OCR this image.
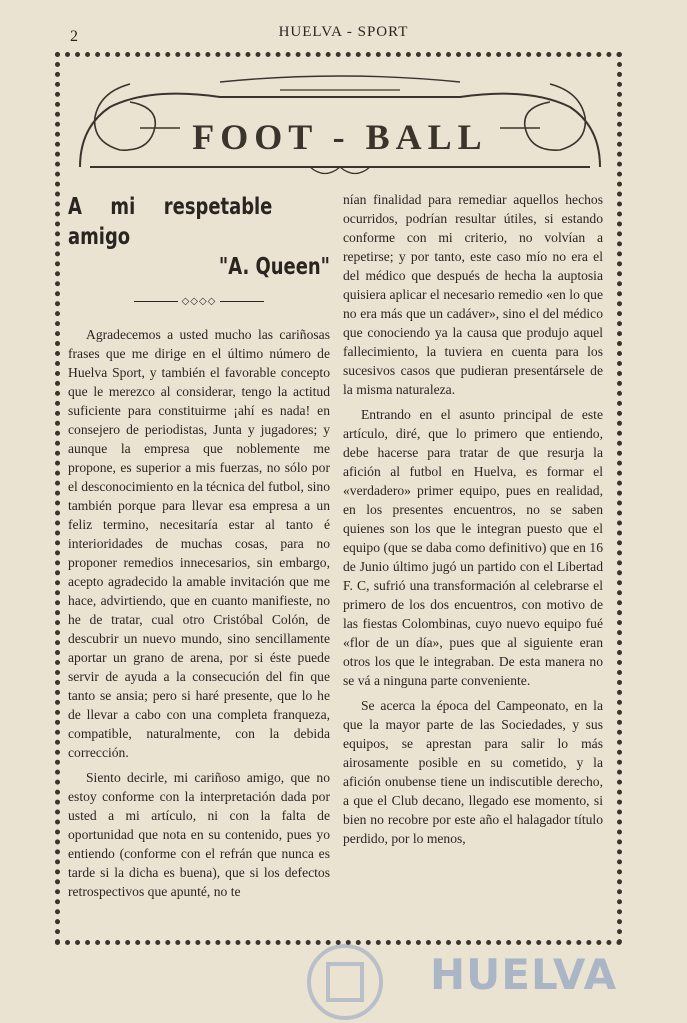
2	HUELVA - SPORT
FOOT - BALL
A mi respetable amigo
"A. Queen"
◇◇◇◇

Agradecemos a usted mucho las cariñosas frases que me dirige en el último número de Huelva Sport, y también el favorable concepto que le merezco al considerar, tengo la actitud suficiente para constituirme ¡ahí es nada! en consejero de periodistas, Junta y jugadores; y aunque la empresa que noblemente me propone, es superior a mis fuerzas, no sólo por el desconocimiento en la técnica del futbol, sino también porque para llevar esa empresa a un feliz termino, necesitaría estar al tanto é interioridades de muchas cosas, para no proponer remedios innecesarios, sin embargo, acepto agradecido la amable invitación que me hace, advirtiendo, que en cuanto manifieste, no he de tratar, cual otro Cristóbal Colón, de descubrir un nuevo mundo, sino sencillamente aportar un grano de arena, por si éste puede servir de ayuda a la consecución del fin que tanto se ansia; pero si haré presente, que lo he de llevar a cabo con una completa franqueza, compatible, naturalmente, con la debida corrección.

Siento decirle, mi cariñoso amigo, que no estoy conforme con la interpretación dada por usted a mi artículo, ni con la falta de oportunidad que nota en su contenido, pues yo entiendo (conforme con el refrán que nunca es tarde si la dicha es buena), que si los defectos retrospectivos que apunté, no te

nían finalidad para remediar aquellos hechos ocurridos, podrían resultar útiles, si estando conforme con mi criterio, no volvían a repetirse; y por tanto, este caso mío no era el del médico que después de hecha la auptosia quisiera aplicar el necesario remedio «en lo que no era más que un cadáver», sino el del médico que conociendo ya la causa que produjo aquel fallecimiento, la tuviera en cuenta para los sucesivos casos que pudieran presentársele de la misma naturaleza.

Entrando en el asunto principal de este artículo, diré, que lo primero que entiendo, debe hacerse para tratar de que resurja la afición al futbol en Huelva, es formar el «verdadero» primer equipo, pues en realidad, en los presentes encuentros, no se saben quienes son los que le integran puesto que el equipo (que se daba como definitivo) que en 16 de Junio último jugó un partido con el Libertad F. C, sufrió una transformación al celebrarse el primero de los dos encuentros, con motivo de las fiestas Colombinas, cuyo nuevo equipo fué «flor de un día», pues que al siguiente eran otros los que le integraban. De esta manera no se vá a ninguna parte conveniente.

Se acerca la época del Campeonato, en la que la mayor parte de las Sociedades, y sus equipos, se aprestan para salir lo más airosamente posible en su cometido, y la afición onubense tiene un indiscutible derecho, a que el Club decano, llegado ese momento, si bien no recobre por este año el halagador título perdido, por lo menos,

HUELVA
